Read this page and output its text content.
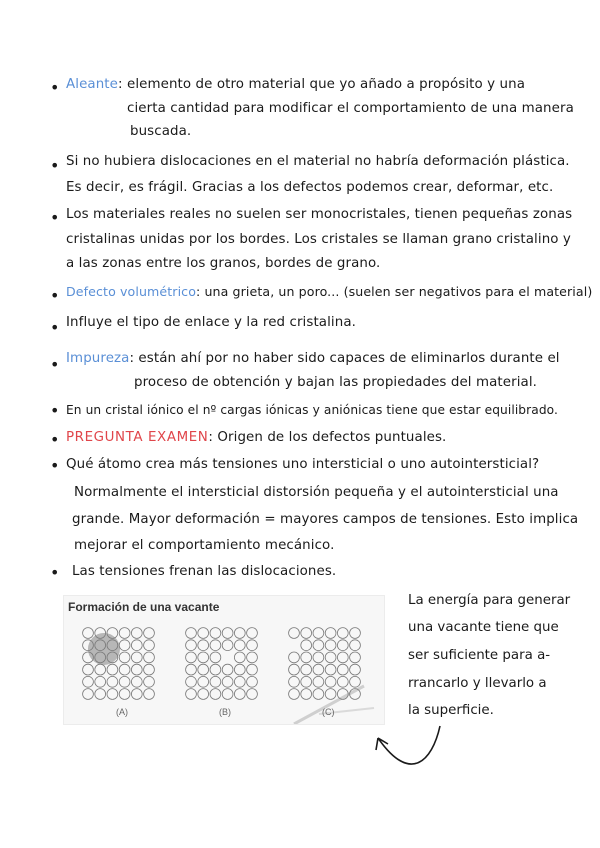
• Aleante: elemento de otro material que yo añado a propósito y una
cierta cantidad para modificar el comportamiento de una manera
buscada.
• Si no hubiera dislocaciones en el material no habría deformación plástica.
Es decir, es frágil. Gracias a los defectos podemos crear, deformar, etc.
• Los materiales reales no suelen ser monocristales, tienen pequeñas zonas
cristalinas unidas por los bordes. Los cristales se llaman grano cristalino y
a las zonas entre los granos, bordes de grano.
• Defecto volumétrico: una grieta, un poro... (suelen ser negativos para el material)
• Influye el tipo de enlace y la red cristalina.
• Impureza: están ahí por no haber sido capaces de eliminarlos durante el
proceso de obtención y bajan las propiedades del material.
• En un cristal iónico el nº cargas iónicas y aniónicas tiene que estar equilibrado.
• PREGUNTA EXAMEN: Origen de los defectos puntuales.
• Qué átomo crea más tensiones uno intersticial o uno autointersticial?
Normalmente el intersticial distorsión pequeña y el autointersticial una
grande. Mayor deformación = mayores campos de tensiones. Esto implica
mejorar el comportamiento mecánico.
• Las tensiones frenan las dislocaciones.
Formación de una vacante
(A)	(B)	(C)
La energía para generar
una vacante tiene que
ser suficiente para a-
rrancarlo y llevarlo a
la superficie.
